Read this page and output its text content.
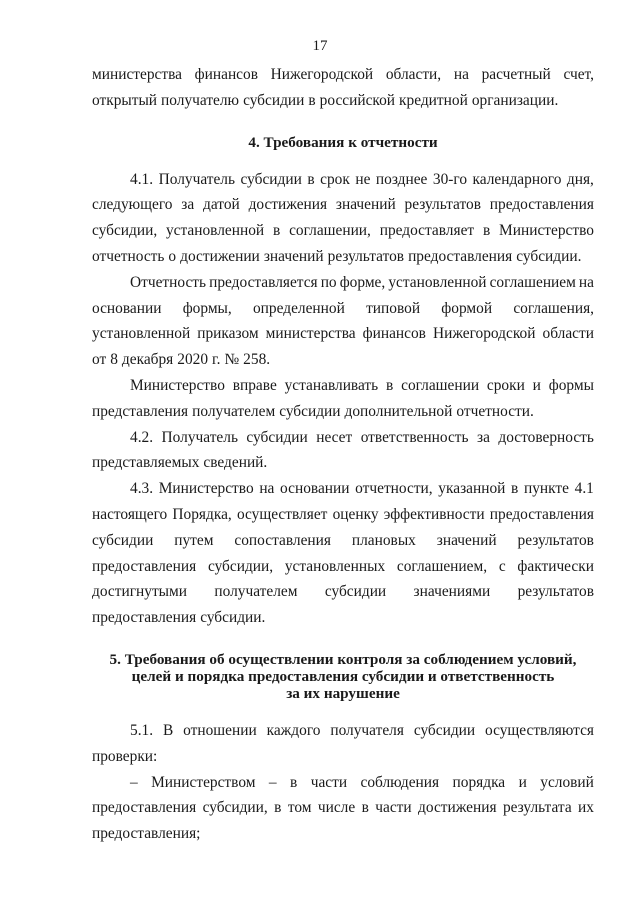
17
министерства финансов Нижегородской области, на расчетный счет,
открытый получателю субсидии в российской кредитной организации.
4. Требования к отчетности
4.1. Получатель субсидии в срок не позднее 30-го календарного дня,
следующего за датой достижения значений результатов предоставления
субсидии, установленной в соглашении, предоставляет в Министерство
отчетность о достижении значений результатов предоставления субсидии.
Отчетность предоставляется по форме, установленной соглашением на
основании формы, определенной типовой формой соглашения,
установленной приказом министерства финансов Нижегородской области
от 8 декабря 2020 г. № 258.
Министерство вправе устанавливать в соглашении сроки и формы
представления получателем субсидии дополнительной отчетности.
4.2. Получатель субсидии несет ответственность за достоверность
представляемых сведений.
4.3. Министерство на основании отчетности, указанной в пункте 4.1
настоящего Порядка, осуществляет оценку эффективности предоставления
субсидии путем сопоставления плановых значений результатов
предоставления субсидии, установленных соглашением, с фактически
достигнутыми получателем субсидии значениями результатов
предоставления субсидии.
5. Требования об осуществлении контроля за соблюдением условий,
целей и порядка предоставления субсидии и ответственность
за их нарушение
5.1. В отношении каждого получателя субсидии осуществляются
проверки:
– Министерством – в части соблюдения порядка и условий
предоставления субсидии, в том числе в части достижения результата их
предоставления;
